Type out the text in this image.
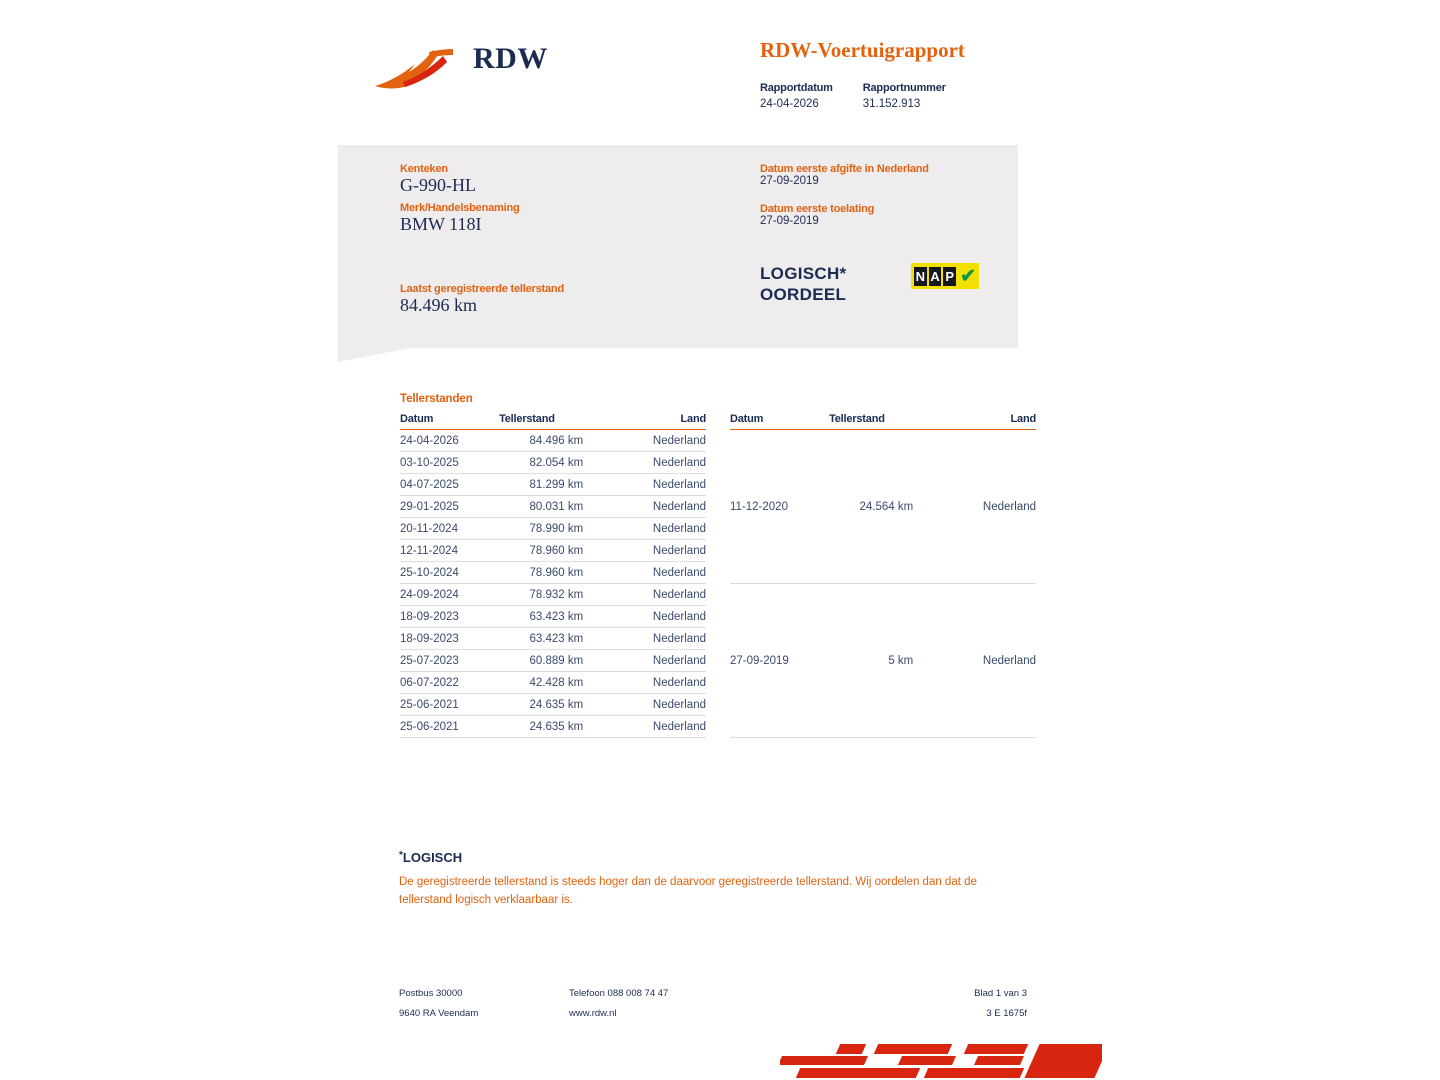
RDW	RDW-Voertuigrapport
Rapportdatum
24-04-2026
Rapportnummer
31.152.913
Kenteken
G-990-HL
Merk/Handelsbenaming
BMW 118I
Laatst geregistreerde tellerstand
84.496 km
Datum eerste afgifte in Nederland
27-09-2019
Datum eerste toelating
27-09-2019
LOGISCH*
OORDEEL
N A P ✔
Tellerstanden
Datum	Tellerstand	Land
24-04-2026	84.496 km	Nederland
03-10-2025	82.054 km	Nederland
04-07-2025	81.299 km	Nederland
29-01-2025	80.031 km	Nederland
20-11-2024	78.990 km	Nederland
12-11-2024	78.960 km	Nederland
25-10-2024	78.960 km	Nederland
24-09-2024	78.932 km	Nederland
18-09-2023	63.423 km	Nederland
18-09-2023	63.423 km	Nederland
25-07-2023	60.889 km	Nederland
06-07-2022	42.428 km	Nederland
25-06-2021	24.635 km	Nederland
25-06-2021	24.635 km	Nederland
Datum	Tellerstand	Land
11-12-2020	24.564 km	Nederland
27-09-2019	5 km	Nederland
*LOGISCH
De geregistreerde tellerstand is steeds hoger dan de daarvoor geregistreerde tellerstand. Wij oordelen dan dat de tellerstand logisch verklaarbaar is.
Postbus 30000	Telefoon 088 008 74 47	Blad 1 van 3
9640 RA Veendam	www.rdw.nl	3 E 1675f
